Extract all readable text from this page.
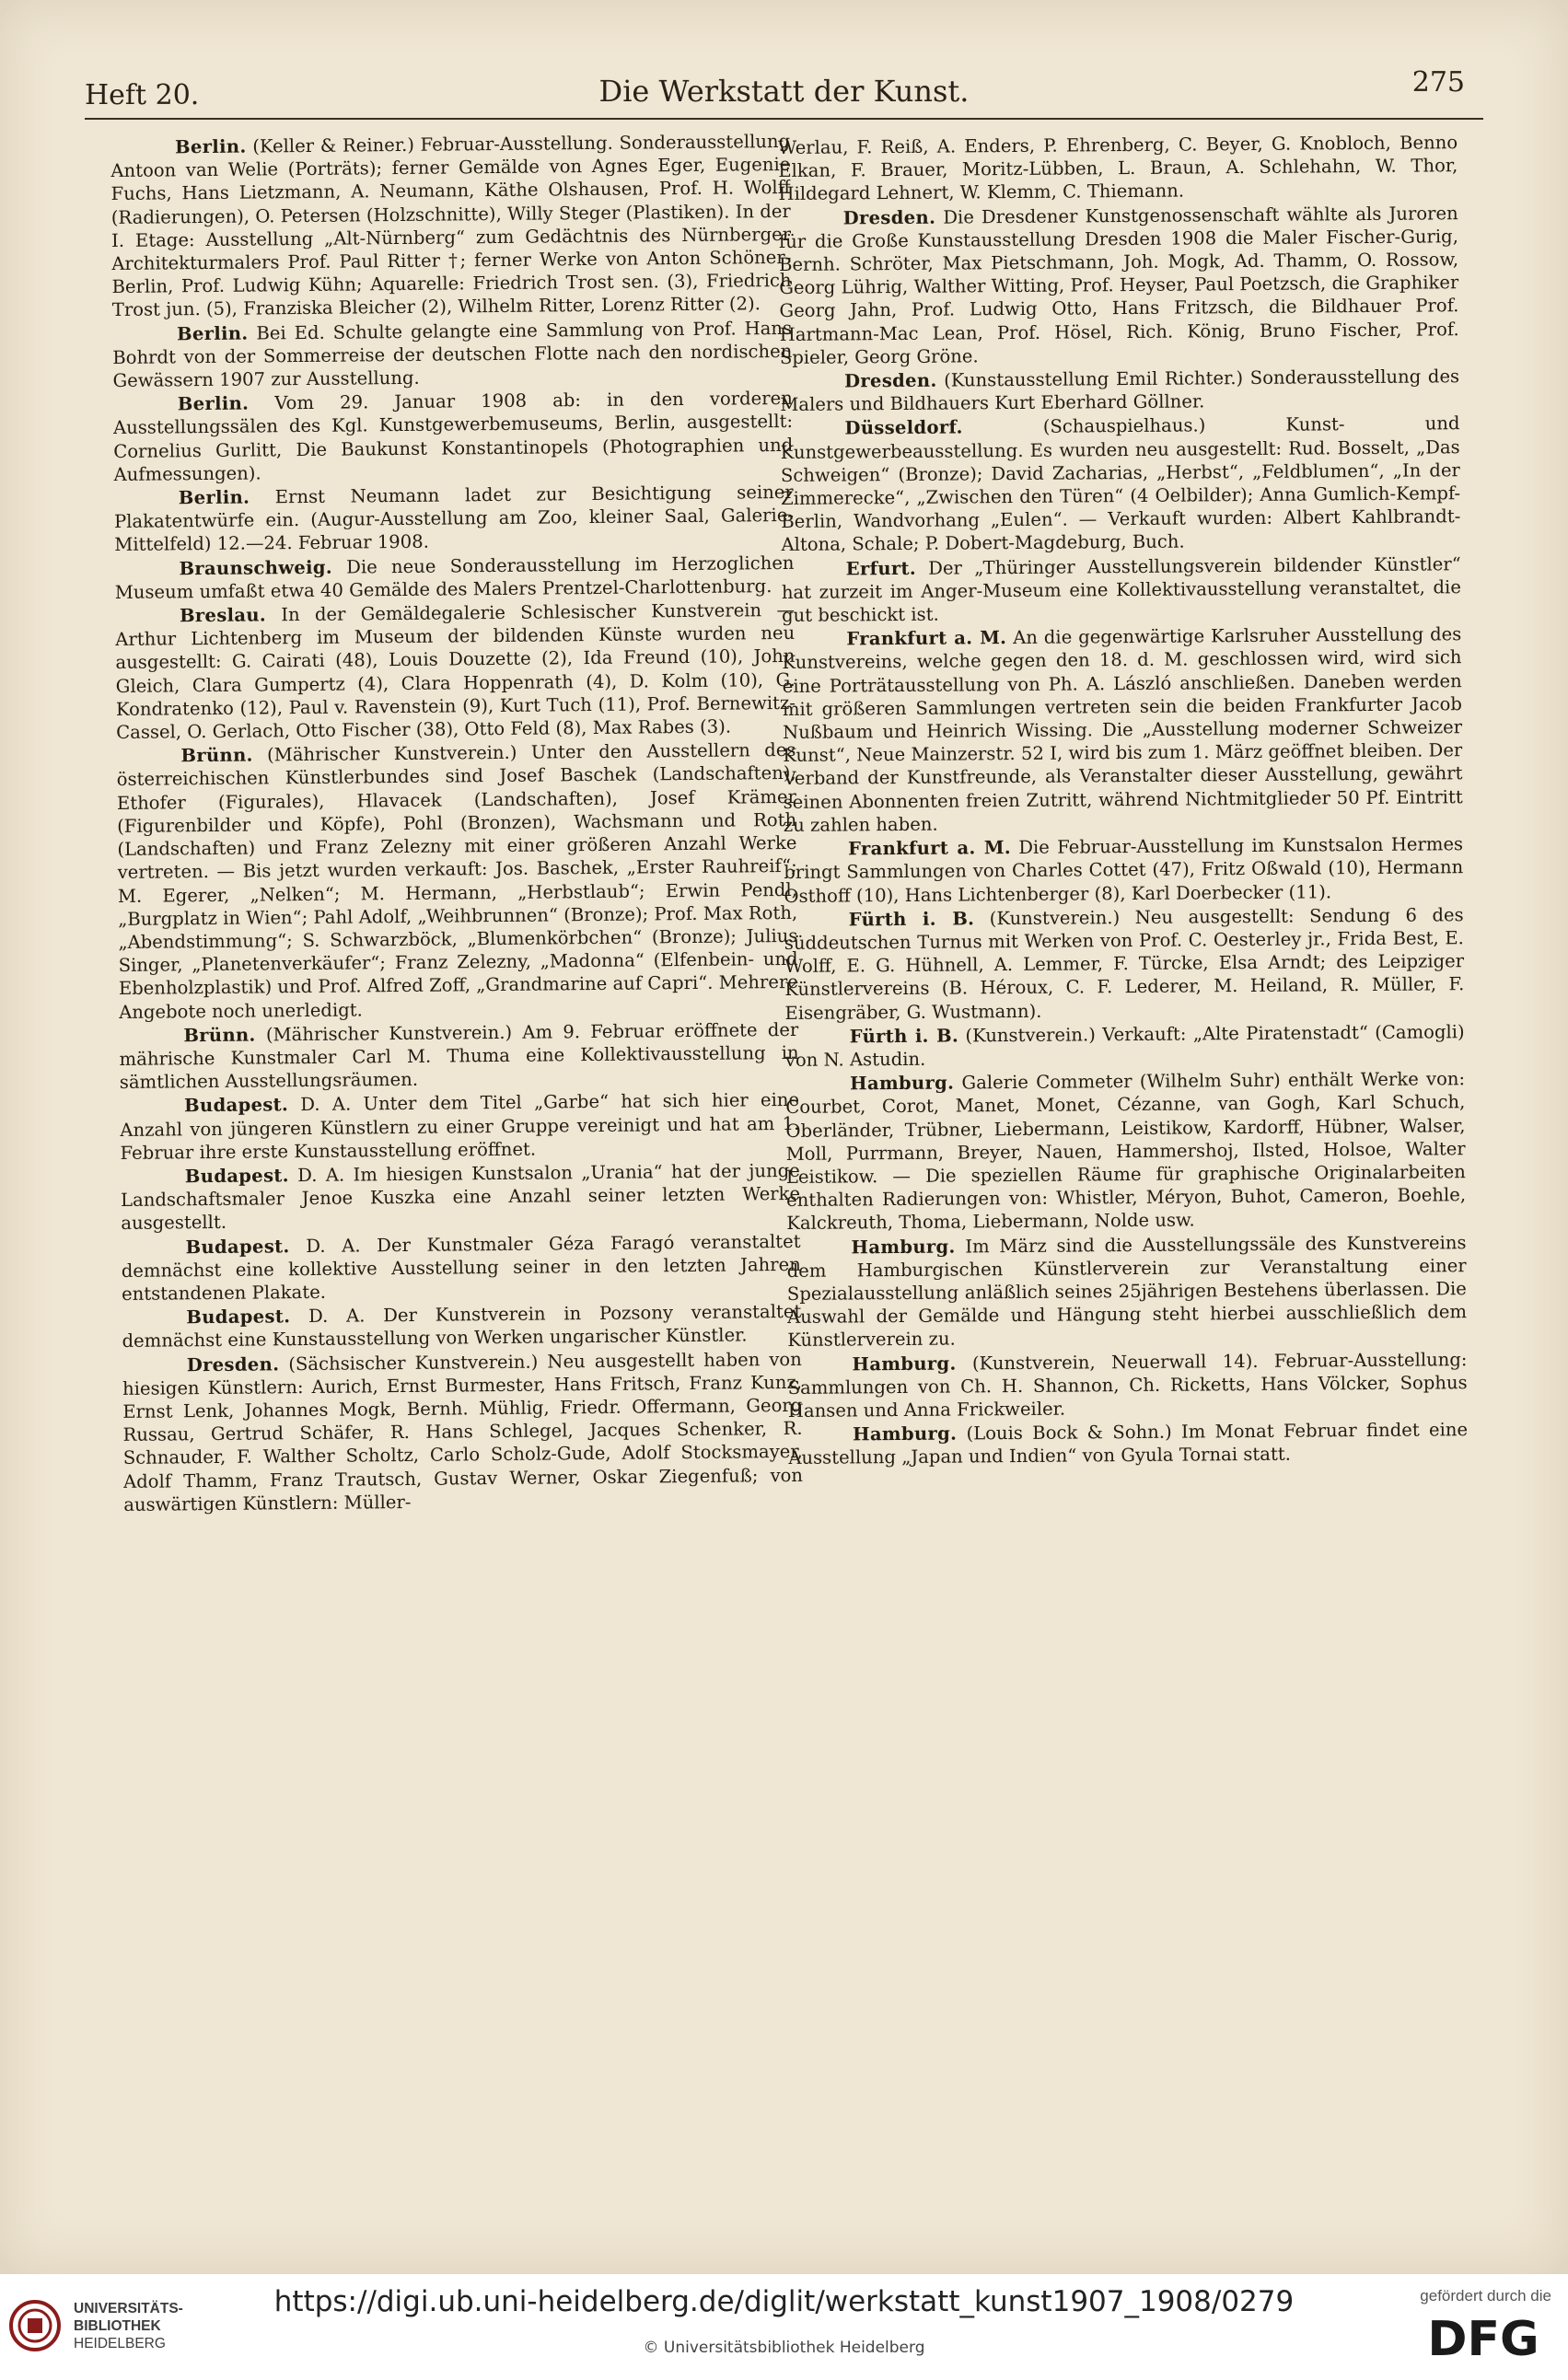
Heft 20.	Die Werkstatt der Kunst.	275

Berlin. (Keller & Reiner.) Februar-Ausstellung. Sonderausstellung Antoon van Welie (Porträts); ferner Gemälde von Agnes Eger, Eugenie Fuchs, Hans Lietzmann, A. Neumann, Käthe Olshausen, Prof. H. Wolff (Radierungen), O. Petersen (Holzschnitte), Willy Steger (Plastiken). In der I. Etage: Ausstellung „Alt-Nürnberg“ zum Gedächtnis des Nürnberger Architekturmalers Prof. Paul Ritter †; ferner Werke von Anton Schöner-Berlin, Prof. Ludwig Kühn; Aquarelle: Friedrich Trost sen. (3), Friedrich Trost jun. (5), Franziska Bleicher (2), Wilhelm Ritter, Lorenz Ritter (2).

Berlin. Bei Ed. Schulte gelangte eine Sammlung von Prof. Hans Bohrdt von der Sommerreise der deutschen Flotte nach den nordischen Gewässern 1907 zur Ausstellung.

Berlin. Vom 29. Januar 1908 ab: in den vorderen Ausstellungssälen des Kgl. Kunstgewerbemuseums, Berlin, ausgestellt: Cornelius Gurlitt, Die Baukunst Konstantinopels (Photographien und Aufmessungen).

Berlin. Ernst Neumann ladet zur Besichtigung seiner Plakatentwürfe ein. (Augur-Ausstellung am Zoo, kleiner Saal, Galerie-Mittelfeld) 12.—24. Februar 1908.

Braunschweig. Die neue Sonderausstellung im Herzoglichen Museum umfaßt etwa 40 Gemälde des Malers Prentzel-Charlottenburg.

Breslau. In der Gemäldegalerie Schlesischer Kunstverein — Arthur Lichtenberg im Museum der bildenden Künste wurden neu ausgestellt: G. Cairati (48), Louis Douzette (2), Ida Freund (10), John Gleich, Clara Gumpertz (4), Clara Hoppenrath (4), D. Kolm (10), G. Kondratenko (12), Paul v. Ravenstein (9), Kurt Tuch (11), Prof. Bernewitz-Cassel, O. Gerlach, Otto Fischer (38), Otto Feld (8), Max Rabes (3).

Brünn. (Mährischer Kunstverein.) Unter den Ausstellern des österreichischen Künstlerbundes sind Josef Baschek (Landschaften), Ethofer (Figurales), Hlavacek (Landschaften), Josef Krämer (Figurenbilder und Köpfe), Pohl (Bronzen), Wachsmann und Roth (Landschaften) und Franz Zelezny mit einer größeren Anzahl Werke vertreten. — Bis jetzt wurden verkauft: Jos. Baschek, „Erster Rauhreif“; M. Egerer, „Nelken“; M. Hermann, „Herbstlaub“; Erwin Pendl, „Burgplatz in Wien“; Pahl Adolf, „Weihbrunnen“ (Bronze); Prof. Max Roth, „Abendstimmung“; S. Schwarzböck, „Blumenkörbchen“ (Bronze); Julius Singer, „Planetenverkäufer“; Franz Zelezny, „Madonna“ (Elfenbein- und Ebenholzplastik) und Prof. Alfred Zoff, „Grandmarine auf Capri“. Mehrere Angebote noch unerledigt.

Brünn. (Mährischer Kunstverein.) Am 9. Februar eröffnete der mährische Kunstmaler Carl M. Thuma eine Kollektivausstellung in sämtlichen Ausstellungsräumen.

Budapest. D. A. Unter dem Titel „Garbe“ hat sich hier eine Anzahl von jüngeren Künstlern zu einer Gruppe vereinigt und hat am 1. Februar ihre erste Kunstausstellung eröffnet.

Budapest. D. A. Im hiesigen Kunstsalon „Urania“ hat der junge Landschaftsmaler Jenoe Kuszka eine Anzahl seiner letzten Werke ausgestellt.

Budapest. D. A. Der Kunstmaler Géza Faragó veranstaltet demnächst eine kollektive Ausstellung seiner in den letzten Jahren entstandenen Plakate.

Budapest. D. A. Der Kunstverein in Pozsony veranstaltet demnächst eine Kunstausstellung von Werken ungarischer Künstler.

Dresden. (Sächsischer Kunstverein.) Neu ausgestellt haben von hiesigen Künstlern: Aurich, Ernst Burmester, Hans Fritsch, Franz Kunz, Ernst Lenk, Johannes Mogk, Bernh. Mühlig, Friedr. Offermann, Georg Russau, Gertrud Schäfer, R. Hans Schlegel, Jacques Schenker, R. Schnauder, F. Walther Scholtz, Carlo Scholz-Gude, Adolf Stocksmayer, Adolf Thamm, Franz Trautsch, Gustav Werner, Oskar Ziegenfuß; von auswärtigen Künstlern: Müller-

Werlau, F. Reiß, A. Enders, P. Ehrenberg, C. Beyer, G. Knobloch, Benno Elkan, F. Brauer, Moritz-Lübben, L. Braun, A. Schlehahn, W. Thor, Hildegard Lehnert, W. Klemm, C. Thiemann.

Dresden. Die Dresdener Kunstgenossenschaft wählte als Juroren für die Große Kunstausstellung Dresden 1908 die Maler Fischer-Gurig, Bernh. Schröter, Max Pietschmann, Joh. Mogk, Ad. Thamm, O. Rossow, Georg Lührig, Walther Witting, Prof. Heyser, Paul Poetzsch, die Graphiker Georg Jahn, Prof. Ludwig Otto, Hans Fritzsch, die Bildhauer Prof. Hartmann-Mac Lean, Prof. Hösel, Rich. König, Bruno Fischer, Prof. Spieler, Georg Gröne.

Dresden. (Kunstausstellung Emil Richter.) Sonderausstellung des Malers und Bildhauers Kurt Eberhard Göllner.

Düsseldorf.	(Schauspielhaus.) Kunst- und Kunstgewerbeausstellung. Es wurden neu ausgestellt: Rud. Bosselt, „Das Schweigen“ (Bronze); David Zacharias, „Herbst“, „Feldblumen“, „In der Zimmerecke“, „Zwischen den Türen“ (4 Oelbilder); Anna Gumlich-Kempf-Berlin, Wandvorhang „Eulen“. — Verkauft wurden: Albert Kahlbrandt-Altona, Schale; P. Dobert-Magdeburg, Buch.

Erfurt. Der „Thüringer Ausstellungsverein bildender Künstler“ hat zurzeit im Anger-Museum eine Kollektivausstellung veranstaltet, die gut beschickt ist.

Frankfurt a. M. An die gegenwärtige Karlsruher Ausstellung des Kunstvereins, welche gegen den 18. d. M. geschlossen wird, wird sich eine Porträtausstellung von Ph. A. László anschließen. Daneben werden mit größeren Sammlungen vertreten sein die beiden Frankfurter Jacob Nußbaum und Heinrich Wissing. Die „Ausstellung moderner Schweizer Kunst“, Neue Mainzerstr. 52 I, wird bis zum 1. März geöffnet bleiben. Der Verband der Kunstfreunde, als Veranstalter dieser Ausstellung, gewährt seinen Abonnenten freien Zutritt, während Nichtmitglieder 50 Pf. Eintritt zu zahlen haben.

Frankfurt a. M. Die Februar-Ausstellung im Kunstsalon Hermes bringt Sammlungen von Charles Cottet (47), Fritz Oßwald (10), Hermann Osthoff (10), Hans Lichtenberger (8), Karl Doerbecker (11).

Fürth i. B. (Kunstverein.) Neu ausgestellt: Sendung 6 des süddeutschen Turnus mit Werken von Prof. C. Oesterley jr., Frida Best, E. Wolff, E. G. Hühnell, A. Lemmer, F. Türcke, Elsa Arndt; des Leipziger Künstlervereins (B. Héroux, C. F. Lederer, M. Heiland, R. Müller, F. Eisengräber, G. Wustmann).

Fürth i. B. (Kunstverein.) Verkauft: „Alte Piratenstadt“ (Camogli) von N. Astudin.

Hamburg. Galerie Commeter (Wilhelm Suhr) enthält Werke von: Courbet, Corot, Manet, Monet, Cézanne, van Gogh, Karl Schuch, Oberländer, Trübner, Liebermann, Leistikow, Kardorff, Hübner, Walser, Moll, Purrmann, Breyer, Nauen, Hammershoj, Ilsted, Holsoe, Walter Leistikow. — Die speziellen Räume für graphische Originalarbeiten enthalten Radierungen von: Whistler, Méryon, Buhot, Cameron, Boehle, Kalckreuth, Thoma, Liebermann, Nolde usw.

Hamburg. Im März sind die Ausstellungssäle des Kunstvereins dem Hamburgischen Künstlerverein zur Veranstaltung einer Spezialausstellung anläßlich seines 25jährigen Bestehens überlassen. Die Auswahl der Gemälde und Hängung steht hierbei ausschließlich dem Künstlerverein zu.

Hamburg. (Kunstverein, Neuerwall 14). Februar-Ausstellung: Sammlungen von Ch. H. Shannon, Ch. Ricketts, Hans Völcker, Sophus Hansen und Anna Frickweiler.

Hamburg. (Louis Bock & Sohn.) Im Monat Februar findet eine Ausstellung „Japan und Indien“ von Gyula Tornai statt.

UNIVERSITÄTS-
BIBLIOTHEK
HEIDELBERG
https://digi.ub.uni-heidelberg.de/diglit/werkstatt_kunst1907_1908/0279
© Universitätsbibliothek Heidelberg
gefördert durch die
DFG
